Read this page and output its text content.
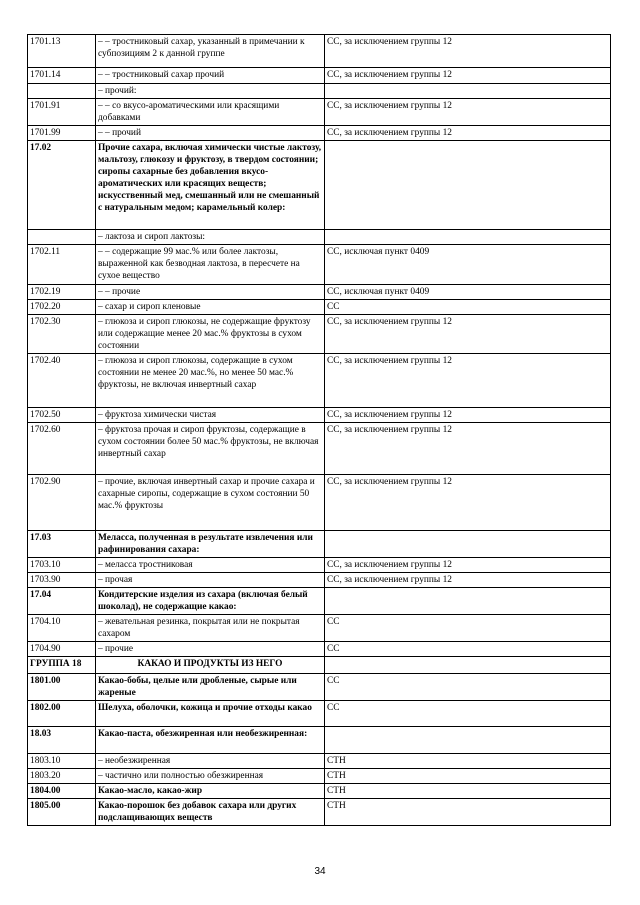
1701.13	– – тростниковый сахар, указанный в примечании к субпозициям 2 к данной группе	СС, за исключением группы 12
1701.14	– – тростниковый сахар прочий	СС, за исключением группы 12
	– прочий:	
1701.91	– – со вкусо-ароматическими или красящими добавками	СС, за исключением группы 12
1701.99	– – прочий	СС, за исключением группы 12
17.02	Прочие сахара, включая химически чистые лактозу, мальтозу, глюкозу и фруктозу, в твердом состоянии; сиропы сахарные без добавления вкусо-ароматических или красящих веществ; искусственный мед, смешанный или не смешанный с натуральным медом; карамельный колер:	
	– лактоза и сироп лактозы:	
1702.11	– – содержащие 99 мас.% или более лактозы, выраженной как безводная лактоза, в пересчете на сухое вещество	СС, исключая пункт 0409
1702.19	– – прочие	СС, исключая пункт 0409
1702.20	– сахар и сироп кленовые	СС
1702.30	– глюкоза и сироп глюкозы, не содержащие фруктозу или содержащие менее 20 мас.% фруктозы в сухом состоянии	СС, за исключением группы 12
1702.40	– глюкоза и сироп глюкозы, содержащие в сухом состоянии не менее 20 мас.%, но менее 50 мас.% фруктозы, не включая инвертный сахар	СС, за исключением группы 12
1702.50	– фруктоза химически чистая	СС, за исключением группы 12
1702.60	– фруктоза прочая и сироп фруктозы, содержащие в сухом состоянии более 50 мас.% фруктозы, не включая инвертный сахар	СС, за исключением группы 12
1702.90	– прочие, включая инвертный сахар и прочие сахара и сахарные сиропы, содержащие в сухом состоянии 50 мас.% фруктозы	СС, за исключением группы 12
17.03	Меласса, полученная в результате извлечения или рафинирования сахара:	
1703.10	– меласса тростниковая	СС, за исключением группы 12
1703.90	– прочая	СС, за исключением группы 12
17.04	Кондитерские изделия из сахара (включая белый шоколад), не содержащие какао:	
1704.10	– жевательная резинка, покрытая или не покрытая сахаром	СС
1704.90	– прочие	СС
ГРУППА 18	КАКАО И ПРОДУКТЫ ИЗ НЕГО	
1801.00	Какао-бобы, целые или дробленые, сырые или жареные	СС
1802.00	Шелуха, оболочки, кожица и прочие отходы какао	СС
18.03	Какао-паста, обезжиренная или необезжиренная:	
1803.10	– необезжиренная	СТН
1803.20	– частично или полностью обезжиренная	СТН
1804.00	Какао-масло, какао-жир	СТН
1805.00	Какао-порошок без добавок сахара или других подслащивающих веществ	СТН
34
